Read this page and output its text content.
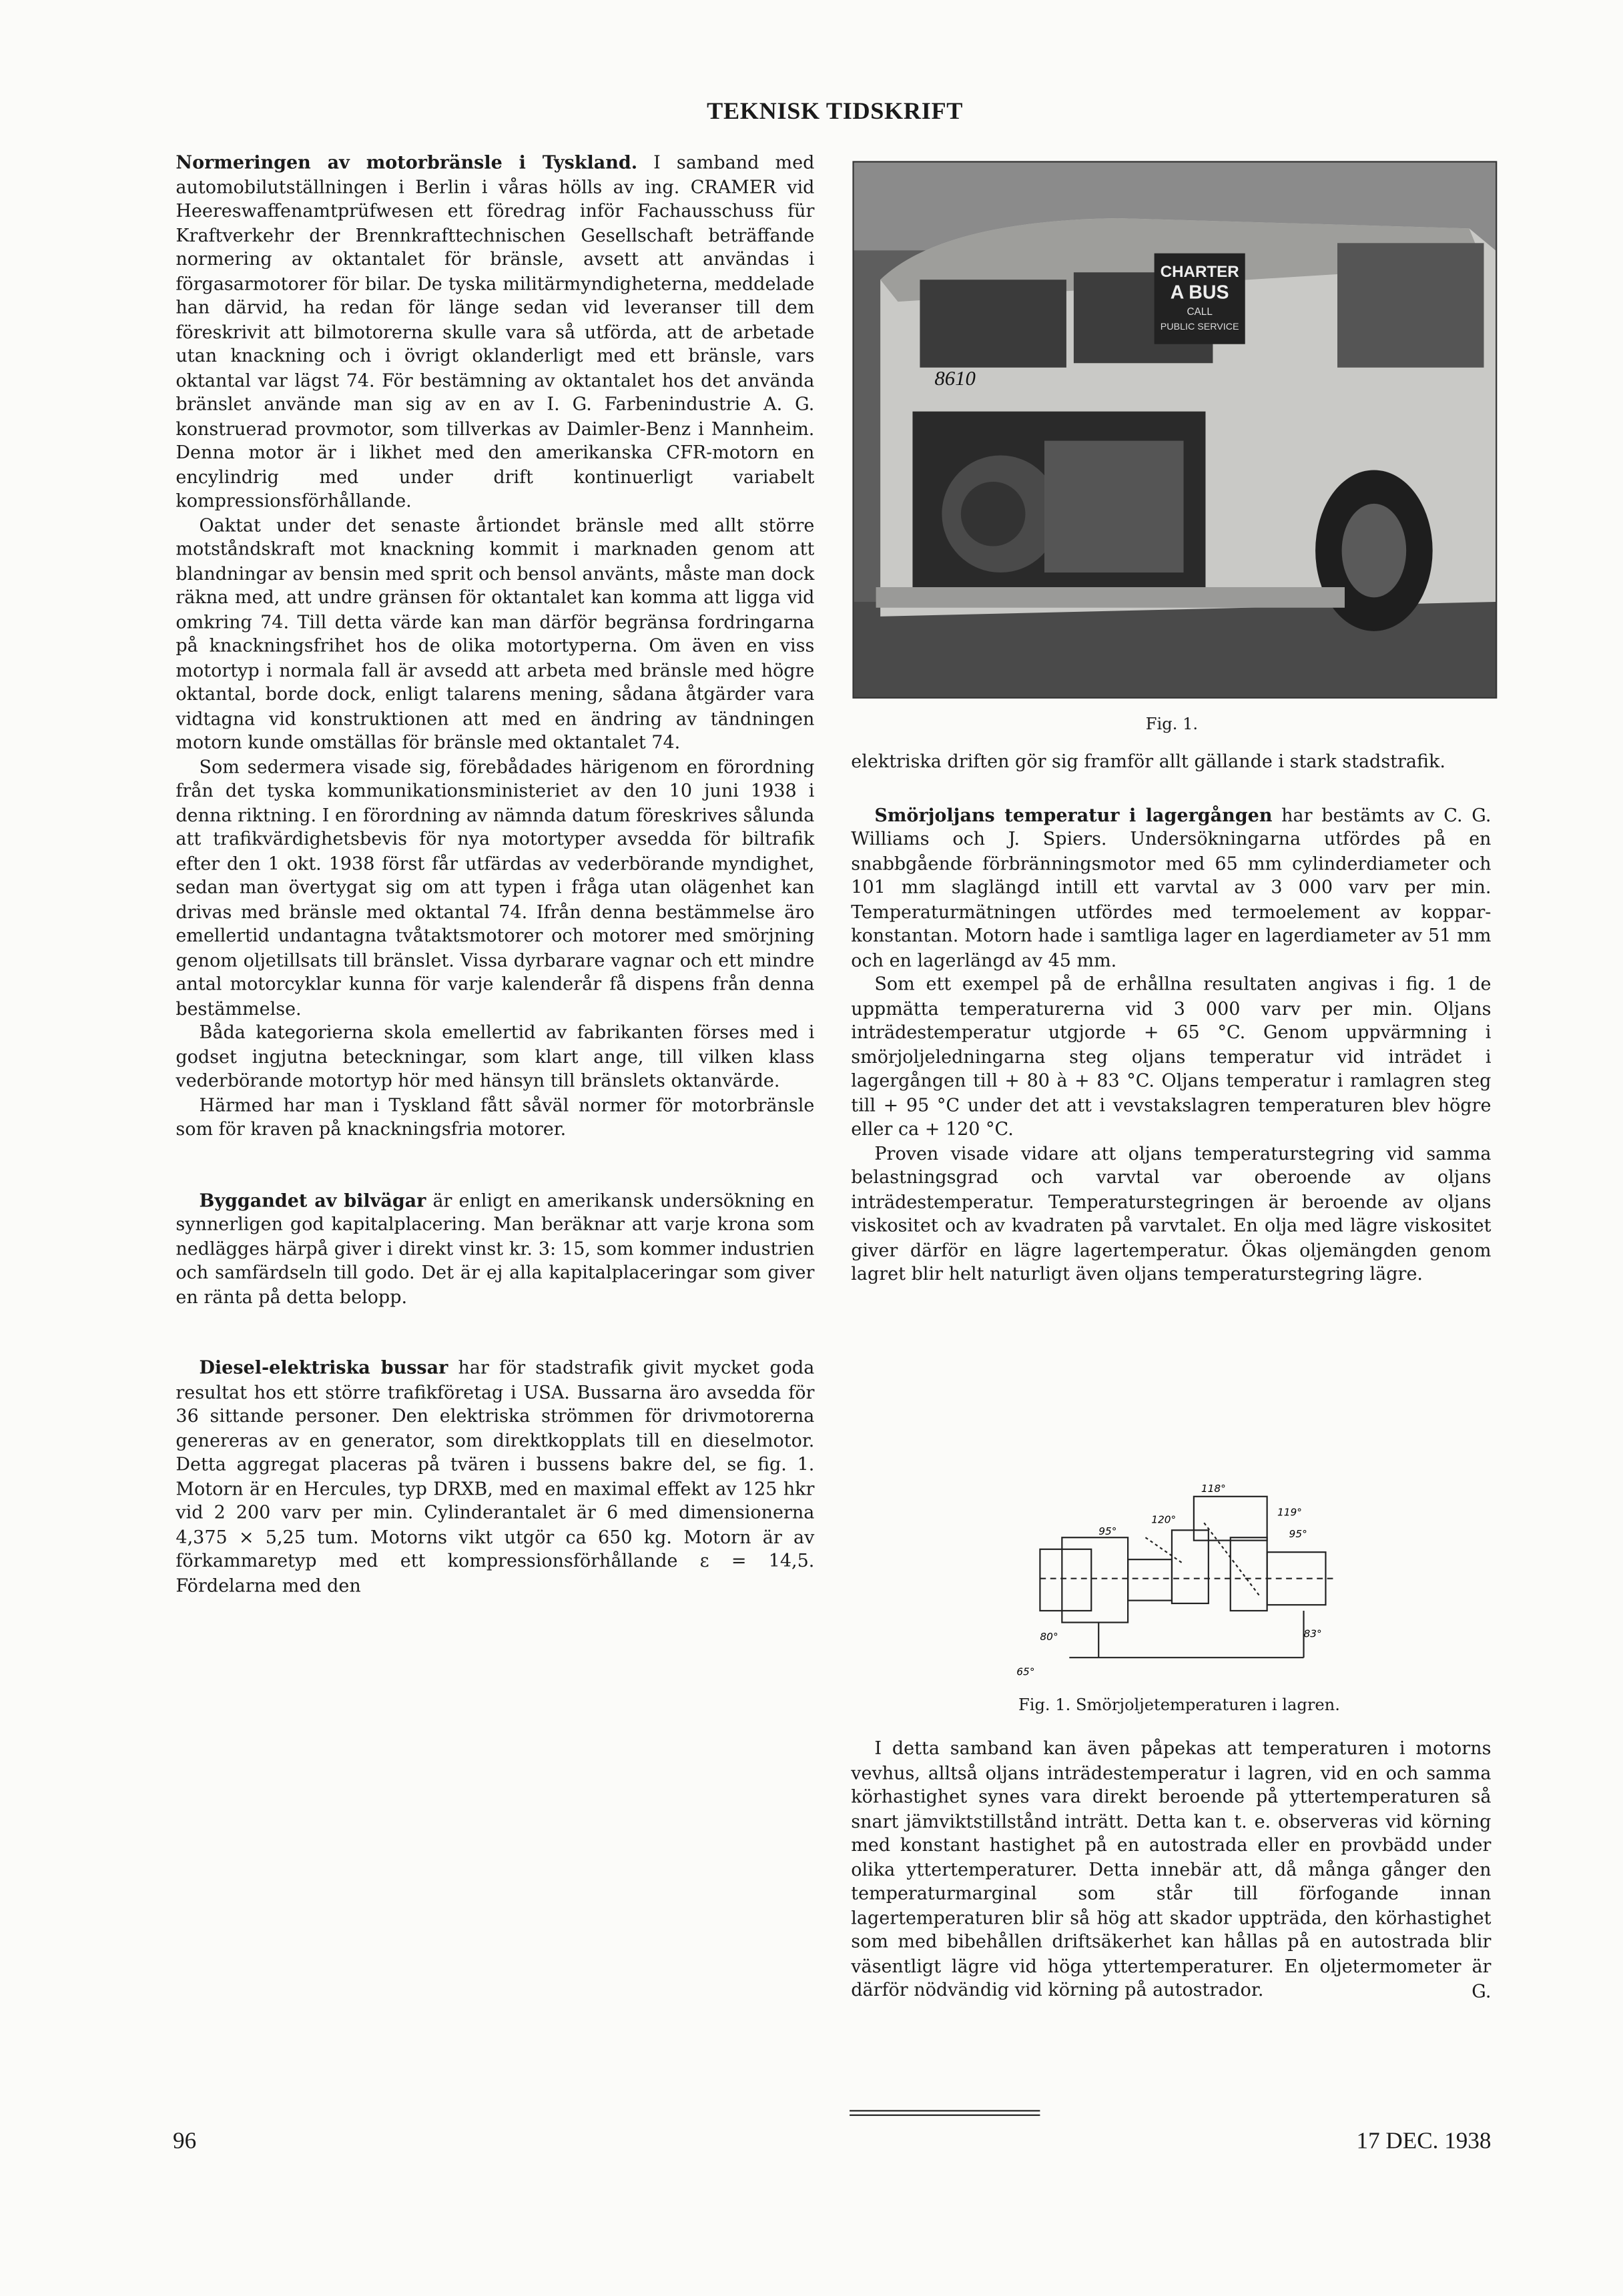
TEKNISK TIDSKRIFT

Normeringen av motorbränsle i Tyskland. I samband med automobilutställningen i Berlin i våras hölls av ing. CRAMER vid Heereswaffenamtprüfwesen ett föredrag inför Fachausschuss für Kraftverkehr der Brennkrafttechnischen Gesellschaft beträffande normering av oktantalet för bränsle, avsett att användas i förgasarmotorer för bilar. De tyska militärmyndigheterna, meddelade han därvid, ha redan för länge sedan vid leveranser till dem föreskrivit att bilmotorerna skulle vara så utförda, att de arbetade utan knackning och i övrigt oklanderligt med ett bränsle, vars oktantal var lägst 74. För bestämning av oktantalet hos det använda bränslet använde man sig av en av I. G. Farbenindustrie A. G. konstruerad provmotor, som tillverkas av Daimler-Benz i Mannheim. Denna motor är i likhet med den amerikanska CFR-motorn en encylindrig med under drift kontinuerligt variabelt kompressionsförhållande.

Oaktat under det senaste årtiondet bränsle med allt större motståndskraft mot knackning kommit i marknaden genom att blandningar av bensin med sprit och bensol använts, måste man dock räkna med, att undre gränsen för oktantalet kan komma att ligga vid omkring 74. Till detta värde kan man därför begränsa fordringarna på knackningsfrihet hos de olika motortyperna. Om även en viss motortyp i normala fall är avsedd att arbeta med bränsle med högre oktantal, borde dock, enligt talarens mening, sådana åtgärder vara vidtagna vid konstruktionen att med en ändring av tändningen motorn kunde omställas för bränsle med oktantalet 74.

Som sedermera visade sig, förebådades härigenom en förordning från det tyska kommunikationsministeriet av den 10 juni 1938 i denna riktning. I en förordning av nämnda datum föreskrives sålunda att trafikvärdighetsbevis för nya motortyper avsedda för biltrafik efter den 1 okt. 1938 först får utfärdas av vederbörande myndighet, sedan man övertygat sig om att typen i fråga utan olägenhet kan drivas med bränsle med oktantal 74. Ifrån denna bestämmelse äro emellertid undantagna tvåtaktsmotorer och motorer med smörjning genom oljetillsats till bränslet. Vissa dyrbarare vagnar och ett mindre antal motorcyklar kunna för varje kalenderår få dispens från denna bestämmelse.

Båda kategorierna skola emellertid av fabrikanten förses med i godset ingjutna beteckningar, som klart ange, till vilken klass vederbörande motortyp hör med hänsyn till bränslets oktanvärde.

Härmed har man i Tyskland fått såväl normer för motorbränsle som för kraven på knackningsfria motorer.

Byggandet av bilvägar är enligt en amerikansk undersökning en synnerligen god kapitalplacering. Man beräknar att varje krona som nedlägges härpå giver i direkt vinst kr. 3: 15, som kommer industrien och samfärdseln till godo. Det är ej alla kapitalplaceringar som giver en ränta på detta belopp.

Diesel-elektriska bussar har för stadstrafik givit mycket goda resultat hos ett större trafikföretag i USA. Bussarna äro avsedda för 36 sittande personer. Den elektriska strömmen för drivmotorerna genereras av en generator, som direktkopplats till en dieselmotor. Detta aggregat placeras på tvären i bussens bakre del, se fig. 1. Motorn är en Hercules, typ DRXB, med en maximal effekt av 125 hkr vid 2 200 varv per min. Cylinderantalet är 6 med dimensionerna 4,375 × 5,25 tum. Motorns vikt utgör ca 650 kg. Motorn är av förkammaretyp med ett kompressionsförhållande ε = 14,5. Fördelarna med den

CHARTER
A BUS
CALL
PUBLIC SERVICE
8610
Fig. 1.

elektriska driften gör sig framför allt gällande i stark stadstrafik.

Smörjoljans temperatur i lagergången har bestämts av C. G. Williams och J. Spiers. Undersökningarna utfördes på en snabbgående förbränningsmotor med 65 mm cylinderdiameter och 101 mm slaglängd intill ett varvtal av 3 000 varv per min. Temperaturmätningen utfördes med termoelement av koppar-konstantan. Motorn hade i samtliga lager en lagerdiameter av 51 mm och en lagerlängd av 45 mm.

Som ett exempel på de erhållna resultaten angivas i fig. 1 de uppmätta temperaturerna vid 3 000 varv per min. Oljans inträdestemperatur utgjorde + 65 °C. Genom uppvärmning i smörjoljeledningarna steg oljans temperatur vid inträdet i lagergången till + 80 à + 83 °C. Oljans temperatur i ramlagren steg till + 95 °C under det att i vevstakslagren temperaturen blev högre eller ca + 120 °C.

Proven visade vidare att oljans temperaturstegring vid samma belastningsgrad och varvtal var oberoende av oljans inträdestemperatur. Temperaturstegringen är beroende av oljans viskositet och av kvadraten på varvtalet. En olja med lägre viskositet giver därför en lägre lagertemperatur. Ökas oljemängden genom lagret blir helt naturligt även oljans temperaturstegring lägre.

118°
120°
95°
119°
95°
80°	83°
65°
Fig. 1. Smörjoljetemperaturen i lagren.

I detta samband kan även påpekas att temperaturen i motorns vevhus, alltså oljans inträdestemperatur i lagren, vid en och samma körhastighet synes vara direkt beroende på yttertemperaturen så snart jämviktstillstånd inträtt. Detta kan t. e. observeras vid körning med konstant hastighet på en autostrada eller en provbädd under olika yttertemperaturer. Detta innebär att, då många gånger den temperaturmarginal som står till förfogande innan lagertemperaturen blir så hög att skador uppträda, den körhastighet som med bibehållen driftsäkerhet kan hållas på en autostrada blir väsentligt lägre vid höga yttertemperaturer. En oljetermometer är därför nödvändig vid körning på autostrador.	G.

96	17 DEC. 1938
